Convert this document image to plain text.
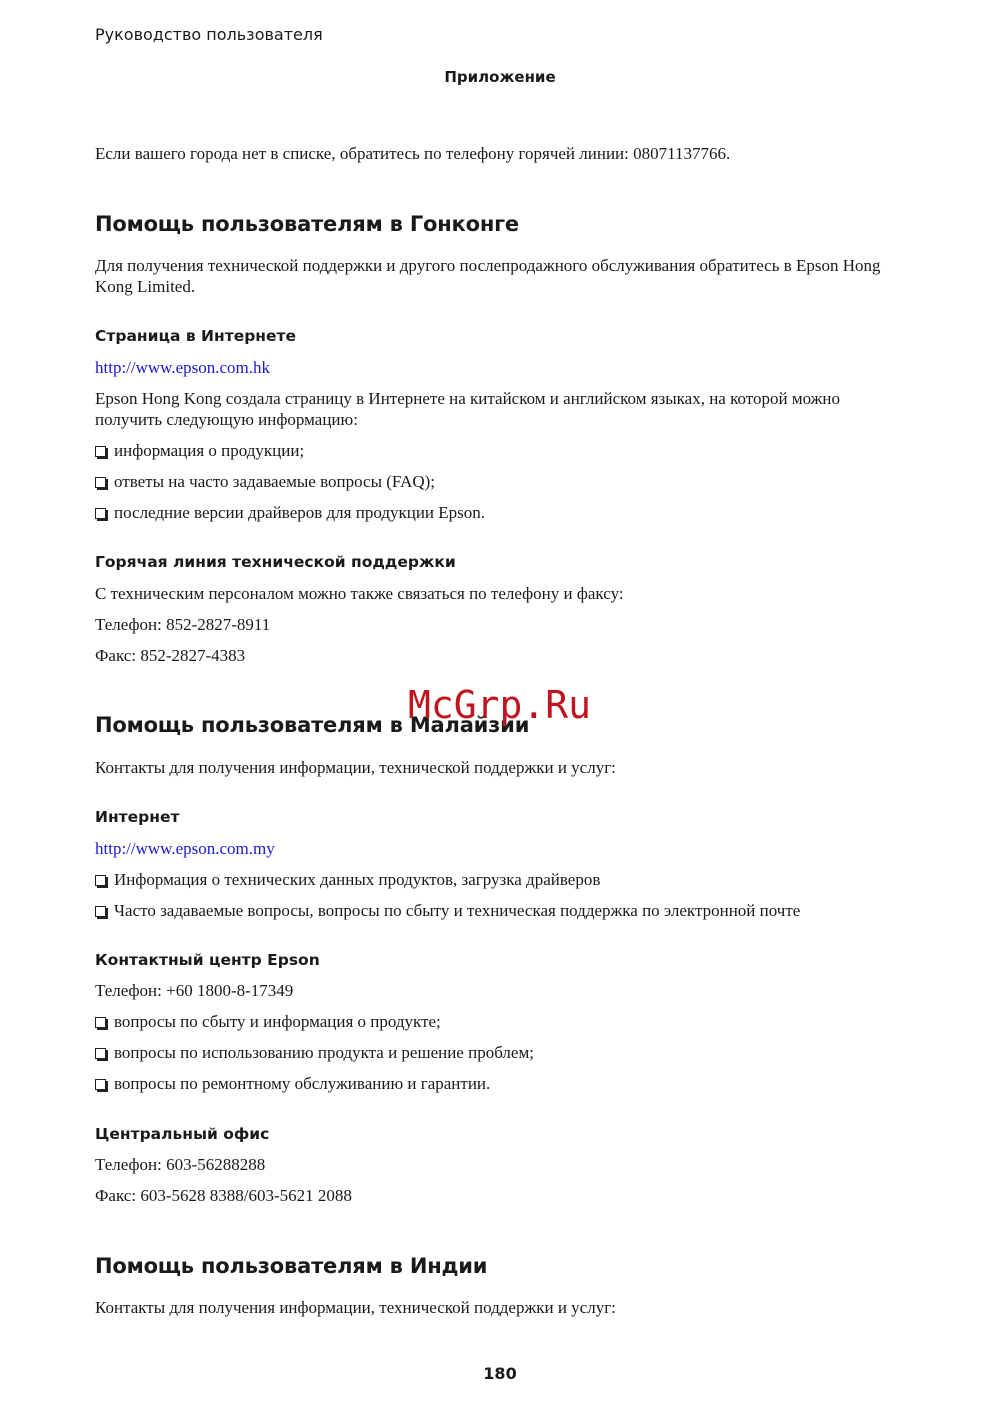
Руководство пользователя
Приложение
Если вашего города нет в списке, обратитесь по телефону горячей линии: 08071137766.
Помощь пользователям в Гонконге
Для получения технической поддержки и другого послепродажного обслуживания обратитесь в Epson Hong Kong Limited.
Страница в Интернете
http://www.epson.com.hk
Epson Hong Kong создала страницу в Интернете на китайском и английском языках, на которой можно получить следующую информацию:
информация о продукции;
ответы на часто задаваемые вопросы (FAQ);
последние версии драйверов для продукции Epson.
Горячая линия технической поддержки
С техническим персоналом можно также связаться по телефону и факсу:
Телефон: 852-2827-8911
Факс: 852-2827-4383
Помощь пользователям в Малайзии
McGrp.Ru
Контакты для получения информации, технической поддержки и услуг:
Интернет
http://www.epson.com.my
Информация о технических данных продуктов, загрузка драйверов
Часто задаваемые вопросы, вопросы по сбыту и техническая поддержка по электронной почте
Контактный центр Epson
Телефон: +60 1800-8-17349
вопросы по сбыту и информация о продукте;
вопросы по использованию продукта и решение проблем;
вопросы по ремонтному обслуживанию и гарантии.
Центральный офис
Телефон: 603-56288288
Факс: 603-5628 8388/603-5621 2088
Помощь пользователям в Индии
Контакты для получения информации, технической поддержки и услуг:
180
